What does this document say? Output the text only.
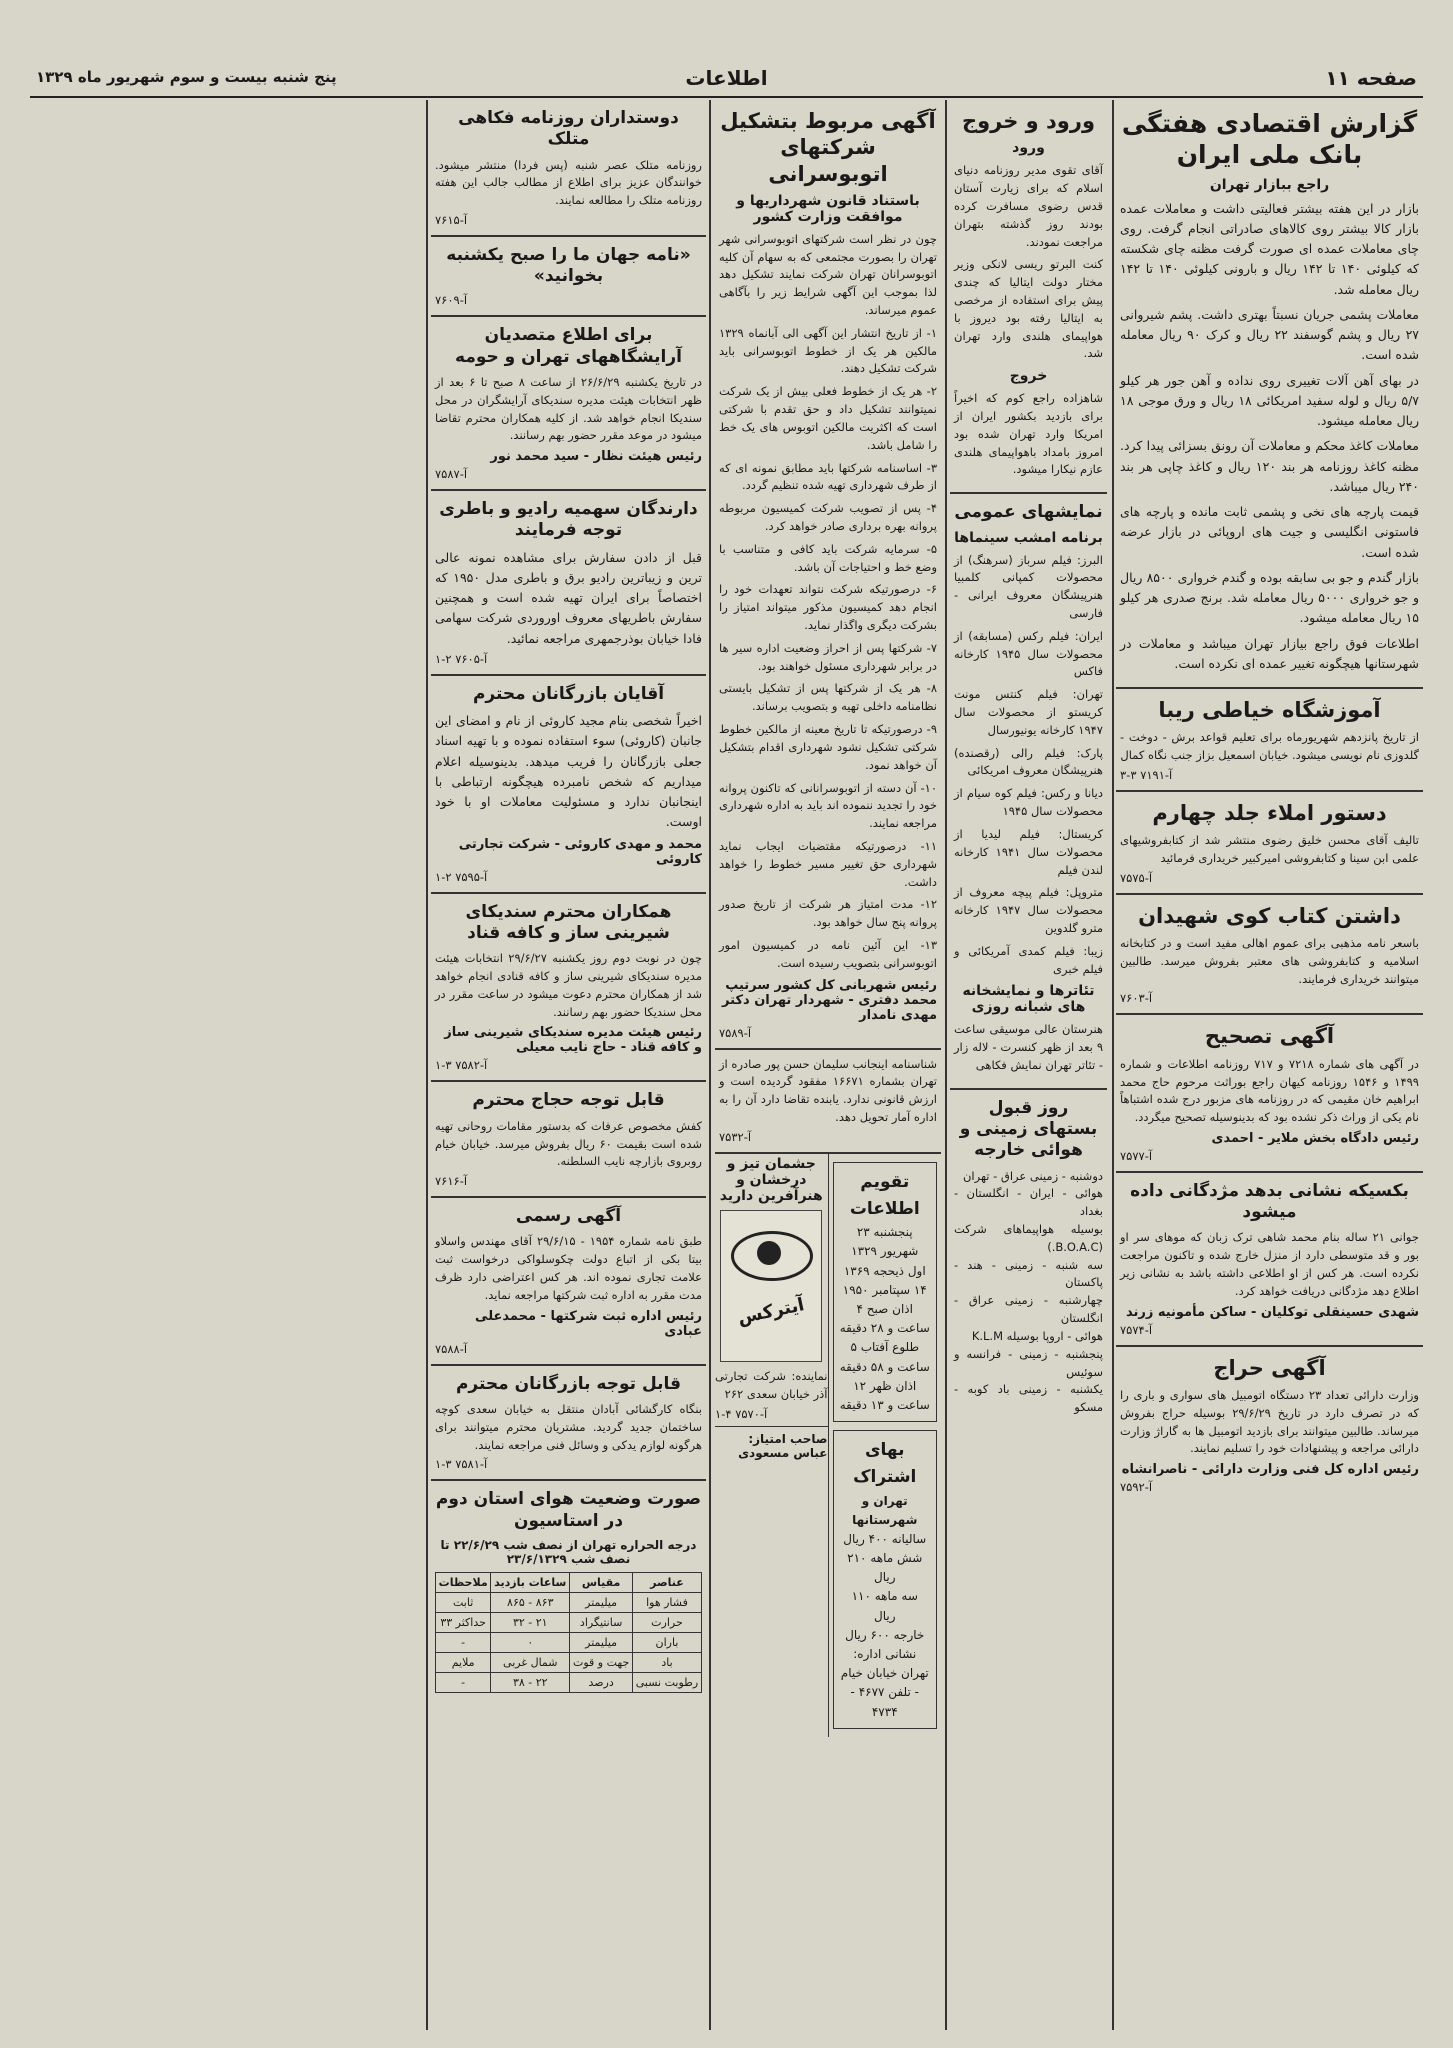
صفحه ۱۱
اطلاعات
پنج شنبه بیست و سوم شهریور ماه ۱۳۲۹
گزارش اقتصادی هفتگی بانک ملی ایران
راجع ببازار تهران

بازار در این هفته بیشتر فعالیتی داشت و معاملات عمده بازار کالا بیشتر روی کالاهای صادراتی انجام گرفت. روی چای معاملات عمده ای صورت گرفت مظنه چای شکسته که کیلوئی ۱۴۰ تا ۱۴۲ ریال و بارونی کیلوئی ۱۴۰ تا ۱۴۲ ریال معامله شد.

معاملات پشمی جریان نسبتاً بهتری داشت. پشم شیروانی ۲۷ ریال و پشم گوسفند ۲۲ ریال و کرک ۹۰ ریال معامله شده است.

در بهای آهن آلات تغییری روی نداده و آهن جور هر کیلو ۵/۷ ریال و لوله سفید امریکائی ۱۸ ریال و ورق موجی ۱۸ ریال معامله میشود.

معاملات کاغذ محکم و معاملات آن رونق بسزائی پیدا کرد. مظنه کاغذ روزنامه هر بند ۱۲۰ ریال و کاغذ چاپی هر بند ۲۴۰ ریال میباشد.

قیمت پارچه های نخی و پشمی ثابت مانده و پارچه های فاستونی انگلیسی و جیت های اروپائی در بازار عرضه شده است.

بازار گندم و جو بی سابقه بوده و گندم خرواری ۸۵۰۰ ریال و جو خرواری ۵۰۰۰ ریال معامله شد. برنج صدری هر کیلو ۱۵ ریال معامله میشود.

اطلاعات فوق راجع بیازار تهران میباشد و معاملات در شهرستانها هیچگونه تغییر عمده ای نکرده است.

آموزشگاه خیاطی ریبا

از تاریخ پانزدهم شهریورماه برای تعلیم قواعد برش - دوخت - گلدوزی نام نویسی میشود. خیابان اسمعیل بزاز جنب نگاه کمال

آ-۷۱۹۱ ۳-۳
دستور املاء جلد چهارم

تالیف آقای محسن خلیق رضوی منتشر شد از کتابفروشیهای علمی ابن سینا و کتابفروشی امیرکبیر خریداری فرمائید

آ-۷۵۷۵
داشتن کتاب کوی شهیدان

باسعر نامه مذهبی برای عموم اهالی مفید است و در کتابخانه اسلامیه و کتابفروشی های معتبر بفروش میرسد. طالبین میتوانند خریداری فرمایند.

آ-۷۶۰۳
آگهی تصحیح

در آگهی های شماره ۷۲۱۸ و ۷۱۷ روزنامه اطلاعات و شماره ۱۴۹۹ و ۱۵۴۶ روزنامه کیهان راجع بوراثت مرحوم حاج محمد ابراهیم خان مقیمی که در روزنامه های مزبور درج شده اشتباهاً نام یکی از وراث ذکر نشده بود که بدینوسیله تصحیح میگردد.

رئیس دادگاه بخش ملایر - احمدی
آ-۷۵۷۷
بکسیکه نشانی بدهد مژدگانی داده میشود

جوانی ۲۱ ساله بنام محمد شاهی ترک زبان که موهای سر او بور و قد متوسطی دارد از منزل خارج شده و تاکنون مراجعت نکرده است. هر کس از او اطلاعی داشته باشد به نشانی زیر اطلاع دهد مژدگانی دریافت خواهد کرد.

شهدی حسینقلی توکلیان - ساکن مأمونیه زرند
آ-۷۵۷۴
آگهی حراج

وزارت دارائی تعداد ۲۳ دستگاه اتومبیل های سواری و باری را که در تصرف دارد در تاریخ ۲۹/۶/۲۹ بوسیله حراج بفروش میرساند. طالبین میتوانند برای بازدید اتومبیل ها به گاراژ وزارت دارائی مراجعه و پیشنهادات خود را تسلیم نمایند.

رئیس اداره کل فنی وزارت دارائی - ناصرانشاه
آ-۷۵۹۲
ورود و خروج
ورود

آقای تقوی مدیر روزنامه دنیای اسلام که برای زیارت آستان قدس رضوی مسافرت کرده بودند روز گذشته بتهران مراجعت نمودند.

کنت البرتو ریسی لانکی وزیر مختار دولت ایتالیا که چندی پیش برای استفاده از مرخصی به ایتالیا رفته بود دیروز با هواپیمای هلندی وارد تهران شد.

خروج

شاهزاده راجع کوم که اخیراً برای بازدید بکشور ایران از امریکا وارد تهران شده بود امروز بامداد باهواپیمای هلندی عازم نیکارا میشود.

نمایشهای عمومی
برنامه امشب سینماها

البرز: فیلم سرباز (سرهنگ) از محصولات کمپانی کلمبیا هنرپیشگان معروف ایرانی - فارسی

ایران: فیلم رکس (مسابقه) از محصولات سال ۱۹۴۵ کارخانه فاکس

تهران: فیلم کنتس مونت کریستو از محصولات سال ۱۹۴۷ کارخانه یونیورسال

پارک: فیلم رالی (رقصنده) هنرپیشگان معروف امریکائی

دیانا و رکس: فیلم کوه سیام از محصولات سال ۱۹۴۵

کریستال: فیلم لیدیا از محصولات سال ۱۹۴۱ کارخانه لندن فیلم

متروپل: فیلم پیچه معروف از محصولات سال ۱۹۴۷ کارخانه مترو گلدوین

زیبا: فیلم کمدی آمریکائی و فیلم خبری

تئاترها و نمایشخانه های شبانه روزی

هنرستان عالی موسیقی ساعت ۹ بعد از ظهر کنسرت - لاله زار - تئاتر تهران نمایش فکاهی

روز قبول بستهای زمینی و هوائی خارجه

دوشنبه - زمینی عراق - تهران

هوائی - ایران - انگلستان - بغداد

بوسیله هواپیماهای شرکت (B.O.A.C.)

سه شنبه - زمینی - هند - پاکستان

چهارشنبه - زمینی عراق - انگلستان

هوائی - اروپا بوسیله K.L.M

پنجشنبه - زمینی - فرانسه و سوئیس

یکشنبه - زمینی باد کوبه - مسکو

آگهی مربوط بتشکیل شرکتهای اتوبوسرانی
باستناد قانون شهرداریها و موافقت وزارت کشور

چون در نظر است شرکتهای اتوبوسرانی شهر تهران را بصورت مجتمعی که به سهام آن کلیه اتوبوسرانان تهران شرکت نمایند تشکیل دهد لذا بموجب این آگهی شرایط زیر را بآگاهی عموم میرساند.

۱- از تاریخ انتشار این آگهی الی آبانماه ۱۳۲۹ مالکین هر یک از خطوط اتوبوسرانی باید شرکت تشکیل دهند.

۲- هر یک از خطوط فعلی بیش از یک شرکت نمیتوانند تشکیل داد و حق تقدم با شرکتی است که اکثریت مالکین اتوبوس های یک خط را شامل باشد.

۳- اساسنامه شرکتها باید مطابق نمونه ای که از طرف شهرداری تهیه شده تنظیم گردد.

۴- پس از تصویب شرکت کمیسیون مربوطه پروانه بهره برداری صادر خواهد کرد.

۵- سرمایه شرکت باید کافی و متناسب با وضع خط و احتیاجات آن باشد.

۶- درصورتیکه شرکت نتواند تعهدات خود را انجام دهد کمیسیون مذکور میتواند امتیاز را بشرکت دیگری واگذار نماید.

۷- شرکتها پس از احراز وضعیت اداره سیر ها در برابر شهرداری مسئول خواهند بود.

۸- هر یک از شرکتها پس از تشکیل بایستی نظامنامه داخلی تهیه و بتصویب برساند.

۹- درصورتیکه تا تاریخ معینه از مالکین خطوط شرکتی تشکیل نشود شهرداری اقدام بتشکیل آن خواهد نمود.

۱۰- آن دسته از اتوبوسرانانی که تاکنون پروانه خود را تجدید ننموده اند باید به اداره شهرداری مراجعه نمایند.

۱۱- درصورتیکه مقتضیات ایجاب نماید شهرداری حق تغییر مسیر خطوط را خواهد داشت.

۱۲- مدت امتیاز هر شرکت از تاریخ صدور پروانه پنج سال خواهد بود.

۱۳- این آئین نامه در کمیسیون امور اتوبوسرانی بتصویب رسیده است.

رئیس شهربانی کل کشور سرتیپ محمد دفتری - شهردار تهران دکتر مهدی نامدار
آ-۷۵۸۹

شناسنامه اینجانب سلیمان حسن پور صادره از تهران بشماره ۱۶۶۷۱ مفقود گردیده است و ارزش قانونی ندارد. یابنده تقاضا دارد آن را به اداره آمار تحویل دهد.

آ-۷۵۳۲
تقویم اطلاعات
پنجشنبه ۲۳ شهریور ۱۳۲۹
اول ذیحجه ۱۳۶۹
۱۴ سپتامبر ۱۹۵۰
اذان صبح ۴ ساعت و ۲۸ دقیقه
طلوع آفتاب ۵ ساعت و ۵۸ دقیقه
اذان ظهر ۱۲ ساعت و ۱۳ دقیقه
بهای اشتراک
تهران و شهرستانها
سالیانه ۴۰۰ ریال
شش ماهه ۲۱۰ ریال
سه ماهه ۱۱۰ ریال
خارجه ۶۰۰ ریال
نشانی اداره: تهران خیابان خیام - تلفن ۴۶۷۷ - ۴۷۳۴
جشمان تیز و درخشان و هنرآفرین دارید
آیترکس

نماینده: شرکت تجارتی آذر خیابان سعدی ۲۶۲

آ-۷۵۷۰ ۴-۱
صاحب امتیاز: عباس مسعودی
دوستداران روزنامه فکاهی متلک

روزنامه متلک عصر شنبه (پس فردا) منتشر میشود. خوانندگان عزیز برای اطلاع از مطالب جالب این هفته روزنامه متلک را مطالعه نمایند.

آ-۷۶۱۵
«نامه جهان ما را صبح یکشنبه بخوانید»
آ-۷۶۰۹
برای اطلاع متصدیان آرایشگاههای تهران و حومه

در تاریخ یکشنبه ۲۶/۶/۲۹ از ساعت ۸ صبح تا ۶ بعد از ظهر انتخابات هیئت مدیره سندیکای آرایشگران در محل سندیکا انجام خواهد شد. از کلیه همکاران محترم تقاضا میشود در موعد مقرر حضور بهم رسانند.

رئیس هیئت نظار - سید محمد نور
آ-۷۵۸۷
دارندگان سهمیه رادیو و باطری توجه فرمایند

قبل از دادن سفارش برای مشاهده نمونه عالی ترین و زیباترین رادیو برق و باطری مدل ۱۹۵۰ که اختصاصاً برای ایران تهیه شده است و همچنین سفارش باطریهای معروف اوروردی شرکت سهامی فادا خیابان بوذرجمهری مراجعه نمائید.

آ-۷۶۰۵ ۲-۱
آقایان بازرگانان محترم

اخیراً شخصی بنام مجید کاروئی از نام و امضای این جانبان (کاروئی) سوء استفاده نموده و با تهیه اسناد جعلی بازرگانان را فریب میدهد. بدینوسیله اعلام میداریم که شخص نامبرده هیچگونه ارتباطی با اینجانبان ندارد و مسئولیت معاملات او با خود اوست.

محمد و مهدی کاروئی - شرکت تجارتی کاروئی
آ-۷۵۹۵ ۲-۱
همکاران محترم سندیکای شیرینی ساز و کافه قناد

چون در نوبت دوم روز یکشنبه ۲۹/۶/۲۷ انتخابات هیئت مدیره سندیکای شیرینی ساز و کافه قنادی انجام خواهد شد از همکاران محترم دعوت میشود در ساعت مقرر در محل سندیکا حضور بهم رسانند.

رئیس هیئت مدیره سندیکای شیرینی ساز و کافه قناد - حاج نایب معیلی
آ-۷۵۸۲ ۳-۱
قابل توجه حجاج محترم

کفش مخصوص عرفات که بدستور مقامات روحانی تهیه شده است بقیمت ۶۰ ریال بفروش میرسد. خیابان خیام روبروی بازارچه نایب السلطنه.

آ-۷۶۱۶
آگهی رسمی

طبق نامه شماره ۱۹۵۴ - ۲۹/۶/۱۵ آقای مهندس واسلاو بیتا بکی از اتباع دولت چکوسلواکی درخواست ثبت علامت تجاری نموده اند. هر کس اعتراضی دارد ظرف مدت مقرر به اداره ثبت شرکتها مراجعه نماید.

رئیس اداره ثبت شرکتها - محمدعلی عبادی
آ-۷۵۸۸
قابل توجه بازرگانان محترم

بنگاه کارگشائی آبادان منتقل به خیابان سعدی کوچه ساختمان جدید گردید. مشتریان محترم میتوانند برای هرگونه لوازم یدکی و وسائل فنی مراجعه نمایند.

آ-۷۵۸۱ ۳-۱
صورت وضعیت هوای استان دوم در استاسیون
درجه الحراره تهران از نصف شب ۲۲/۶/۲۹ تا نصف شب ۲۳/۶/۱۳۲۹
عناصر	مقیاس	ساعات بازدید	ملاحظات
فشار هوا	میلیمتر	۸۶۳ - ۸۶۵	ثابت
حرارت	سانتیگراد	۲۱ - ۳۲	حداکثر ۳۳
باران	میلیمتر	۰	-
باد	جهت و قوت	شمال غربی	ملایم
رطوبت نسبی	درصد	۲۲ - ۳۸	-
